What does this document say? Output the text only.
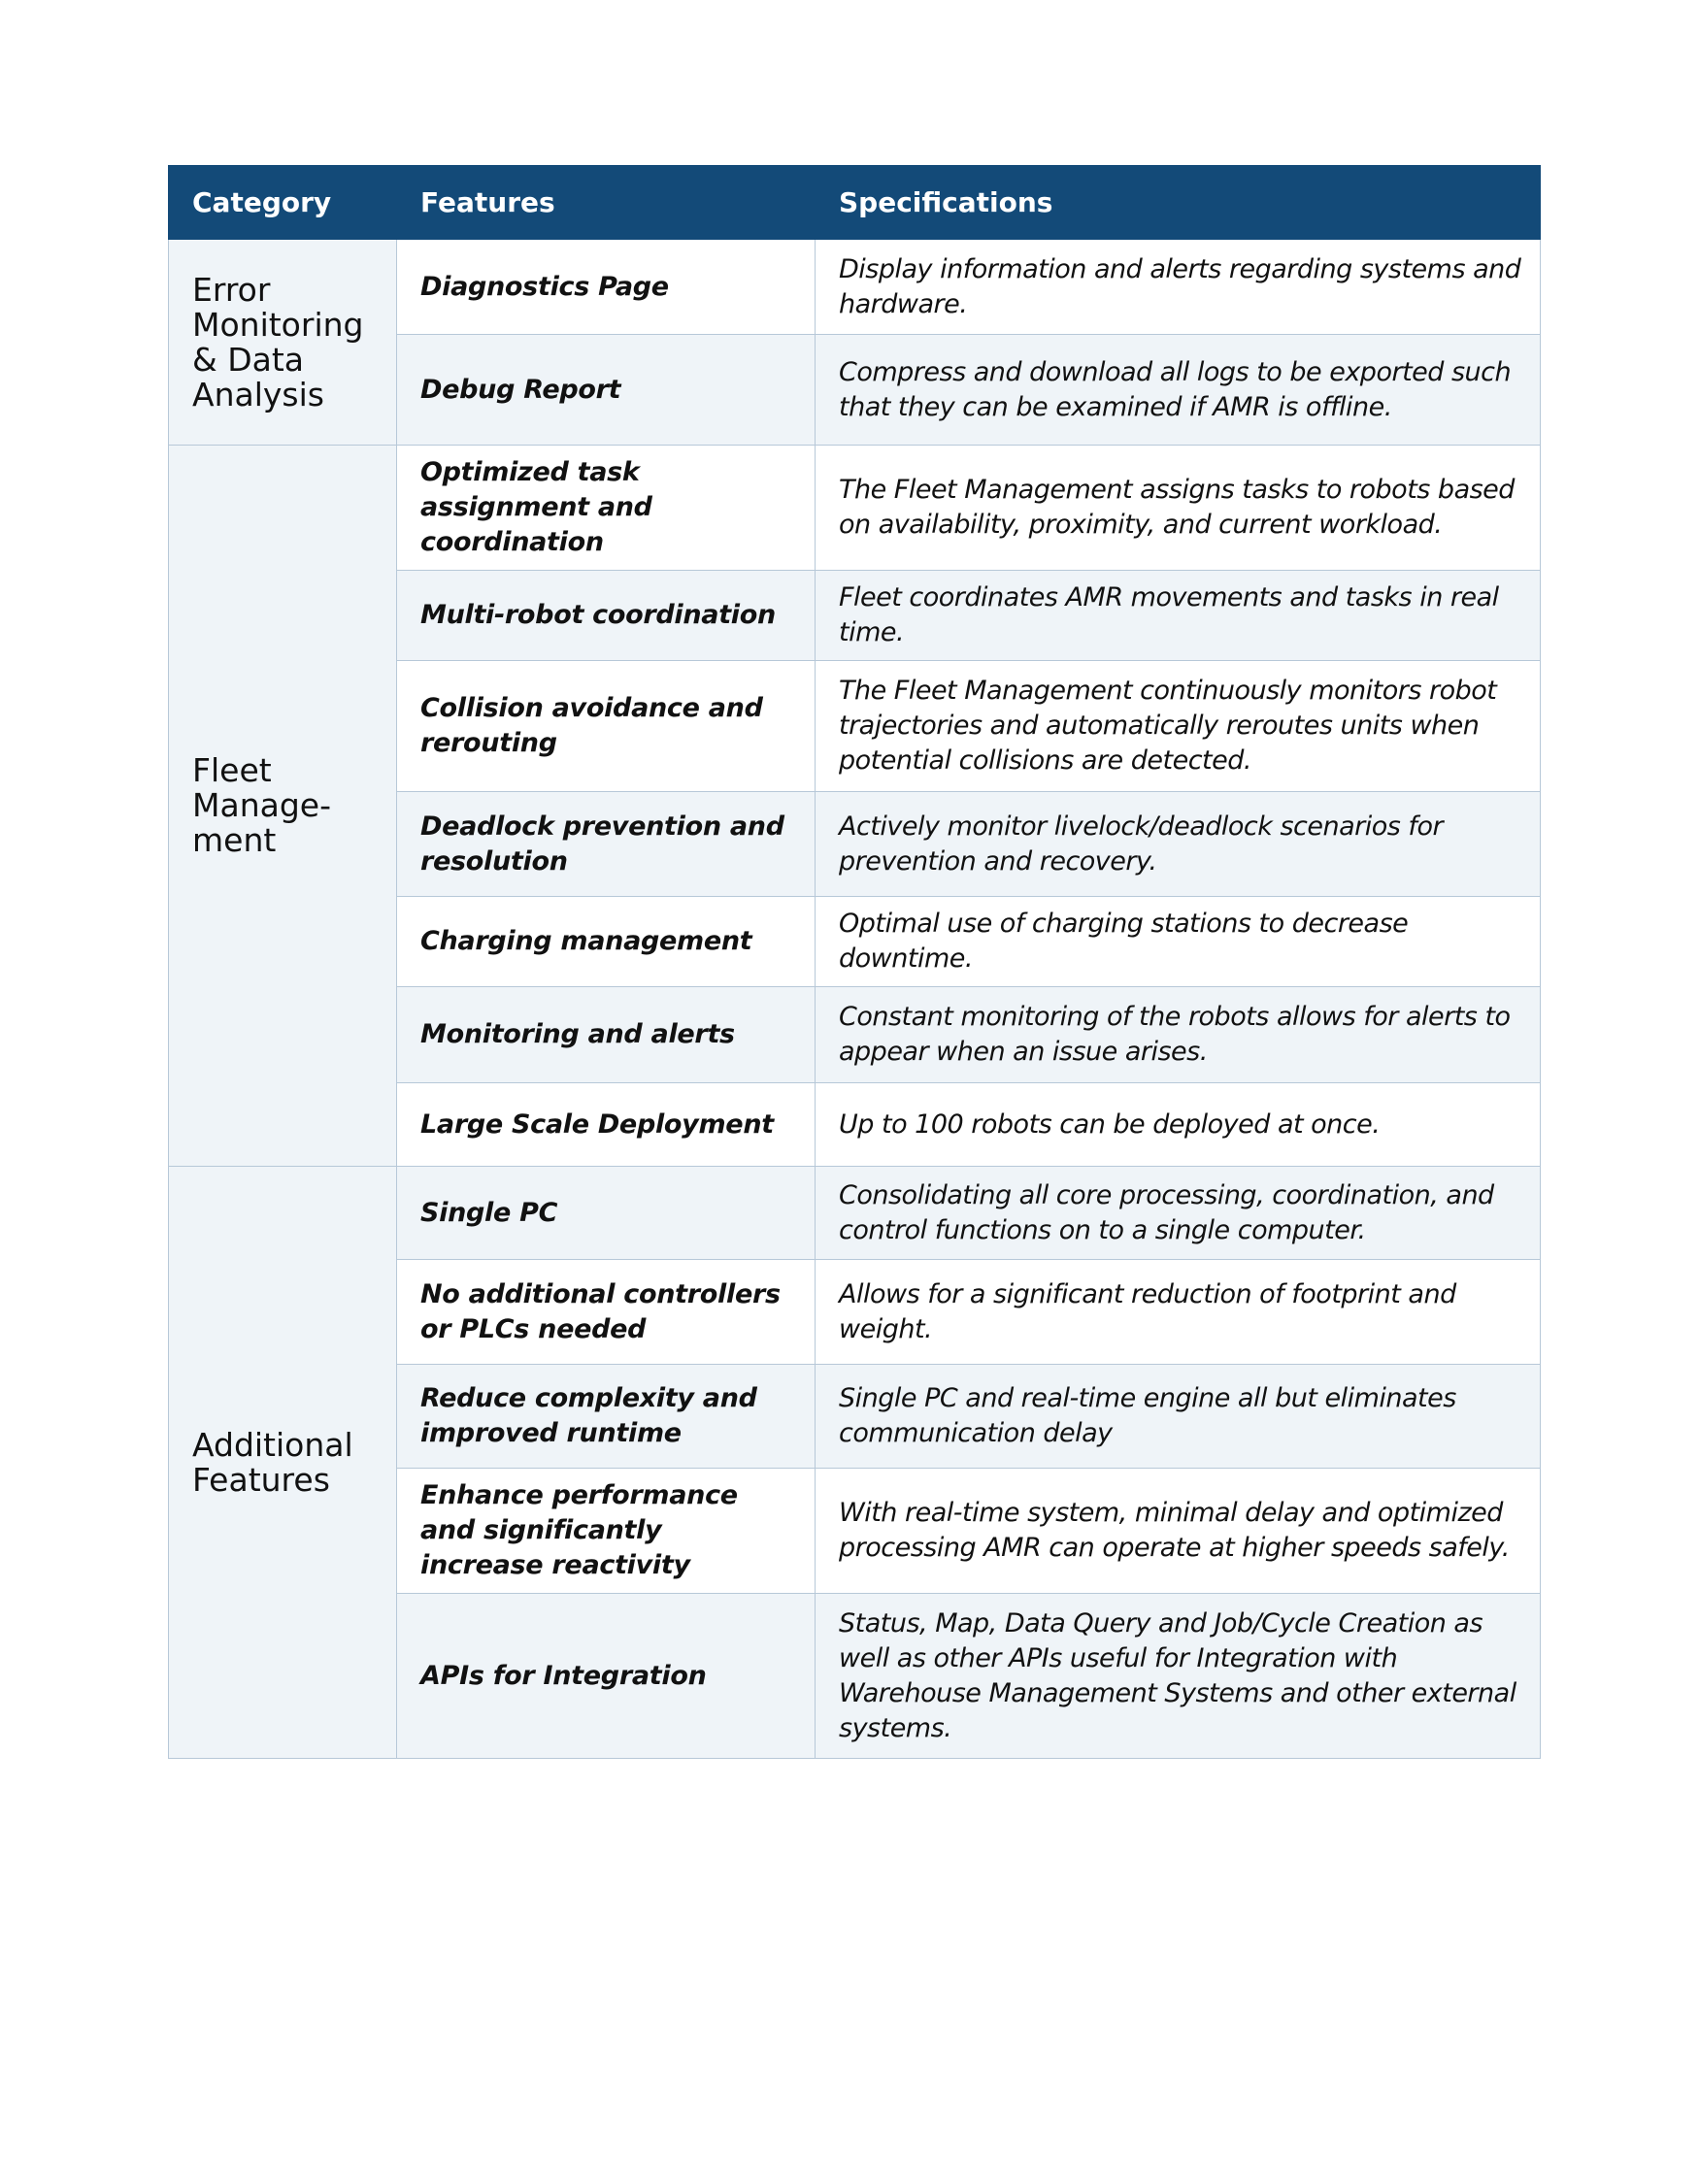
Category	Features	Specifications
Error
Monitoring
& Data
Analysis	Diagnostics Page	Display information and alerts regarding systems and hardware.
	Debug Report	Compress and download all logs to be exported such that they can be examined if AMR is offline.
Fleet
Manage-
ment	Optimized task assignment and coordination	The Fleet Management assigns tasks to robots based on availability, proximity, and current workload.
	Multi-robot coordination	Fleet coordinates AMR movements and tasks in real time.
	Collision avoidance and rerouting	The Fleet Management continuously monitors robot trajectories and automatically reroutes units when potential collisions are detected.
	Deadlock prevention and resolution	Actively monitor livelock/deadlock scenarios for prevention and recovery.
	Charging management	Optimal use of charging stations to decrease downtime.
	Monitoring and alerts	Constant monitoring of the robots allows for alerts to appear when an issue arises.
	Large Scale Deployment	Up to 100 robots can be deployed at once.
Additional
Features	Single PC	Consolidating all core processing, coordination, and control functions on to a single computer.
	No additional controllers or PLCs needed	Allows for a significant reduction of footprint and weight.
	Reduce complexity and improved runtime	Single PC and real-time engine all but eliminates communication delay
	Enhance performance and significantly increase reactivity	With real-time system, minimal delay and optimized processing AMR can operate at higher speeds safely.
	APIs for Integration	Status, Map, Data Query and Job/Cycle Creation as well as other APIs useful for Integration with Warehouse Management Systems and other external systems.
